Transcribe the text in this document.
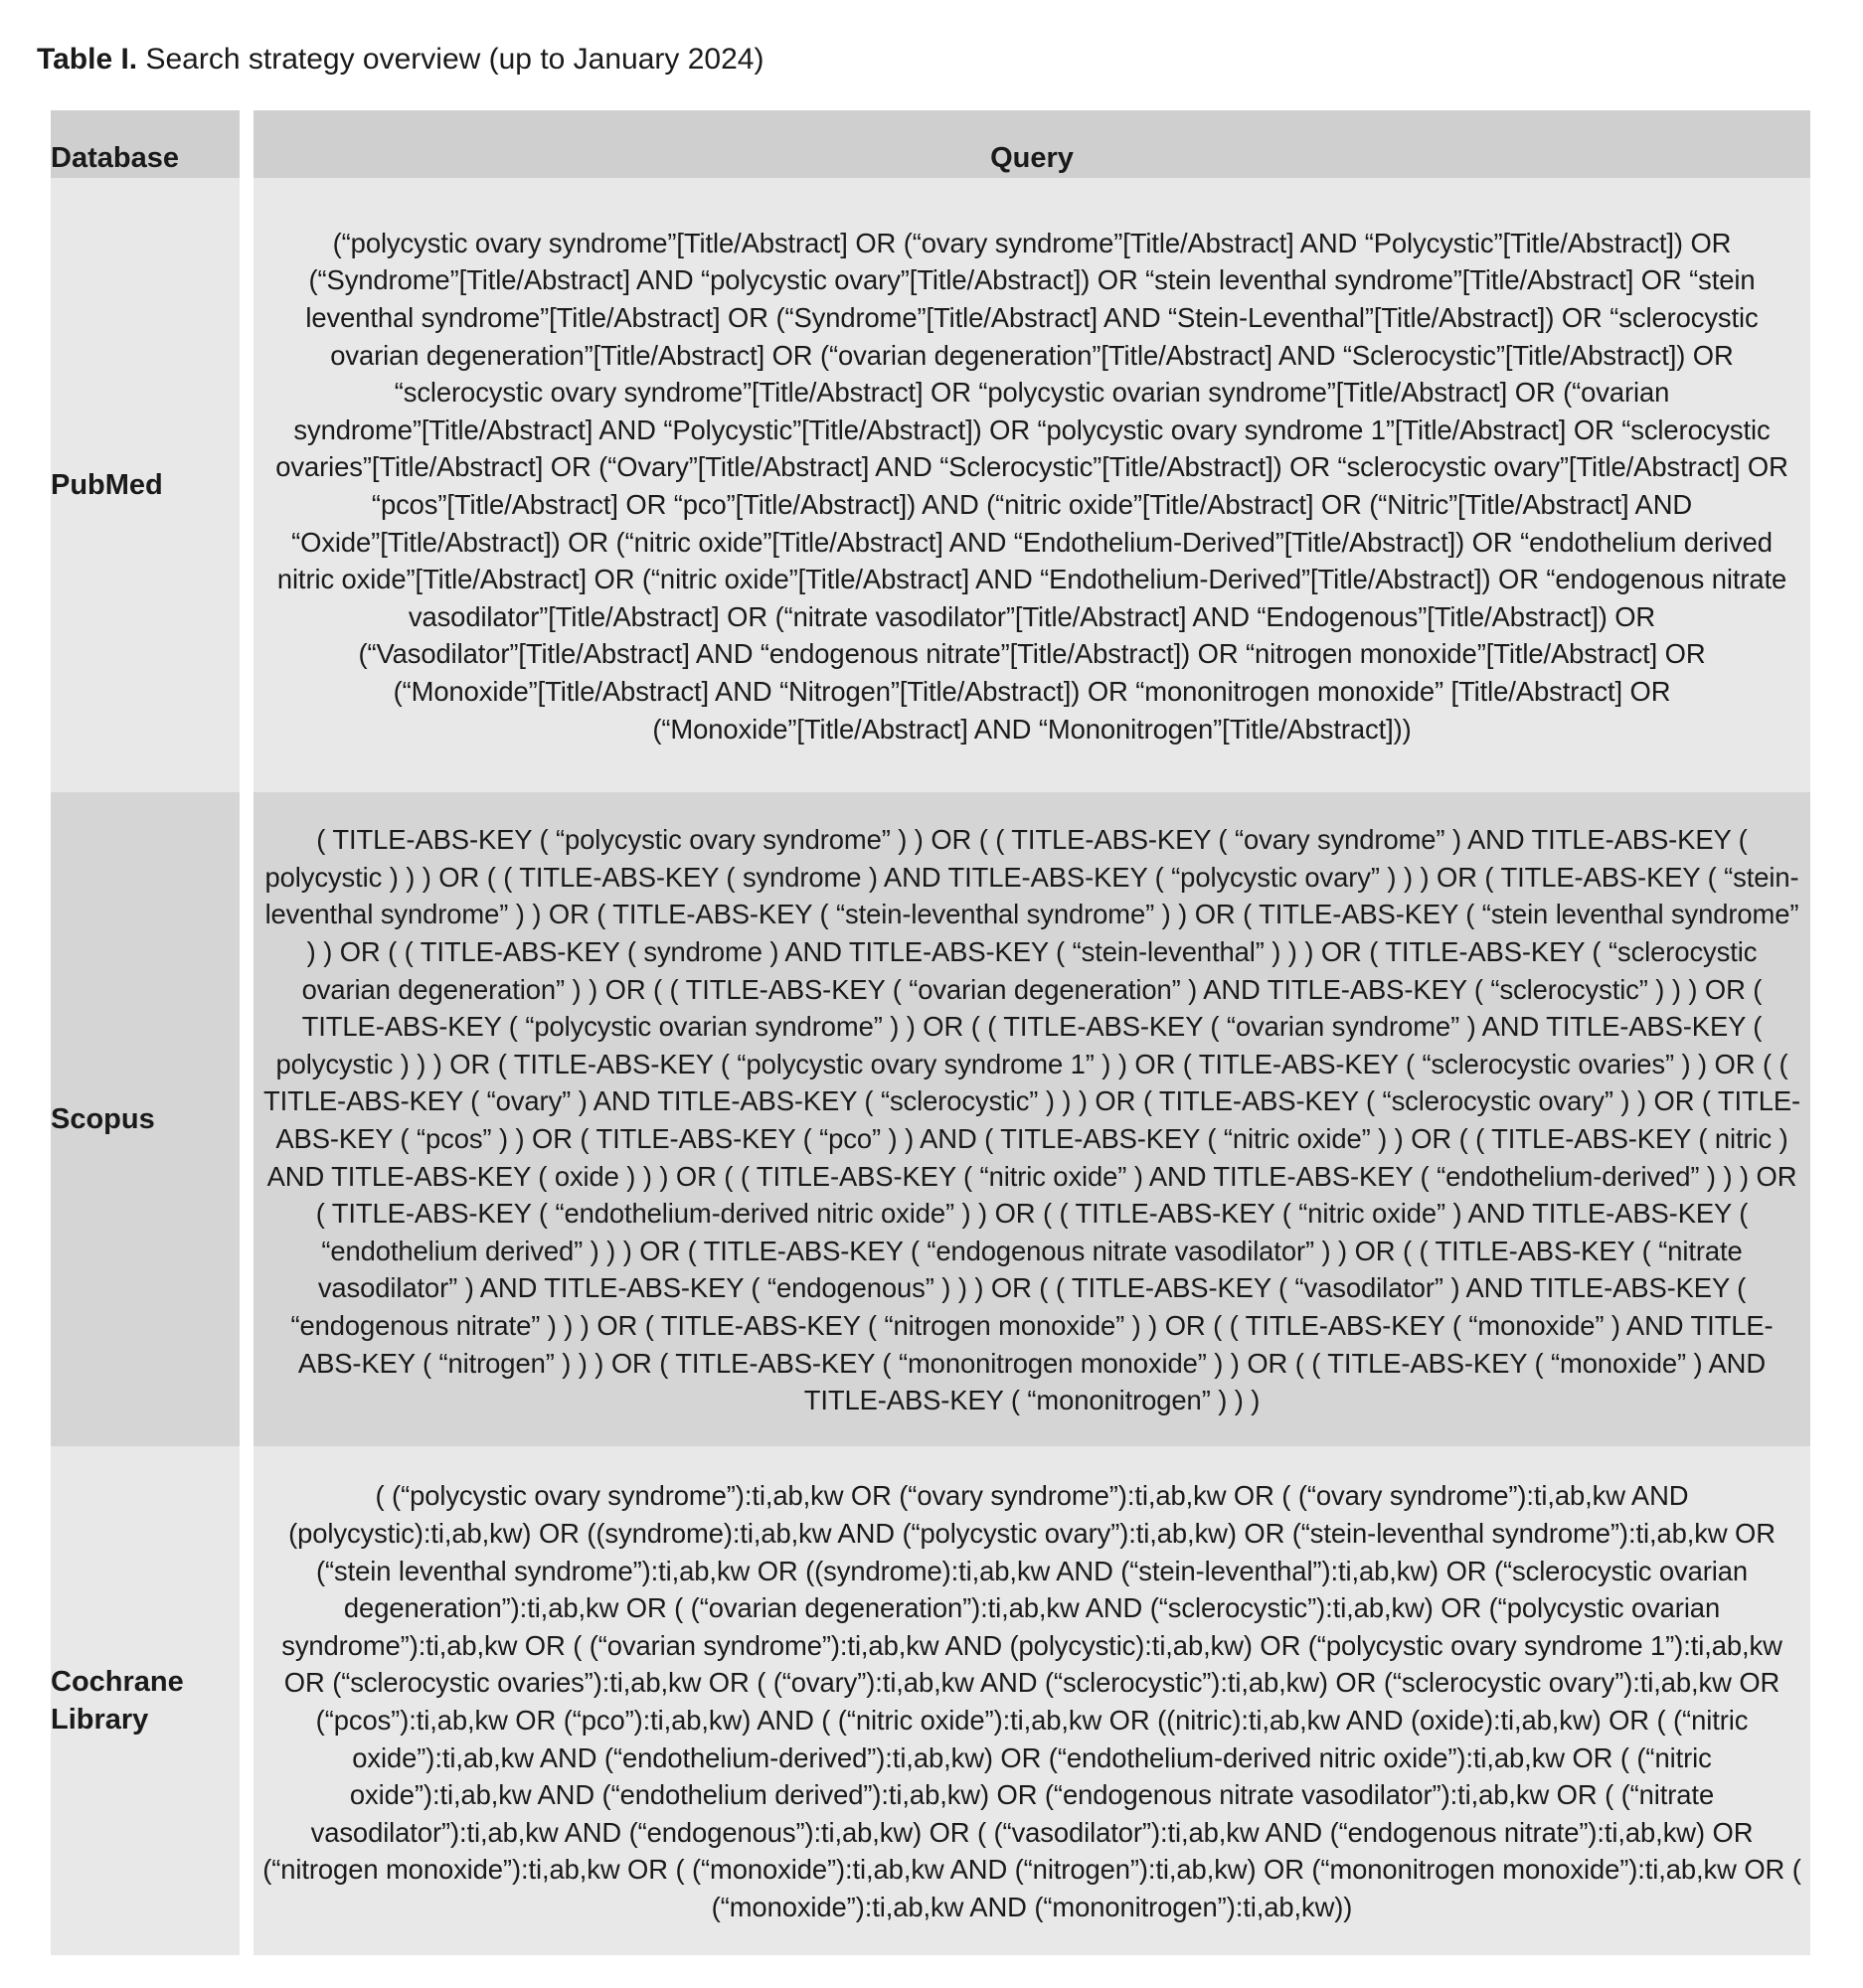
Table I. Search strategy overview (up to January 2024)
Database	Query
PubMed	(“polycystic ovary syndrome”[Title/Abstract] OR (“ovary syndrome”[Title/Abstract] AND “Polycystic”[Title/Abstract]) OR (“Syndrome”[Title/Abstract] AND “polycystic ovary”[Title/Abstract]) OR “stein leventhal syndrome”[Title/Abstract] OR “stein leventhal syndrome”[Title/Abstract] OR (“Syndrome”[Title/Abstract] AND “Stein-Leventhal”[Title/Abstract]) OR “sclerocystic ovarian degeneration”[Title/Abstract] OR (“ovarian degeneration”[Title/Abstract] AND “Sclerocystic”[Title/Abstract]) OR “sclerocystic ovary syndrome”[Title/Abstract] OR “polycystic ovarian syndrome”[Title/Abstract] OR (“ovarian syndrome”[Title/Abstract] AND “Polycystic”[Title/Abstract]) OR “polycystic ovary syndrome 1”[Title/Abstract] OR “sclerocystic ovaries”[Title/Abstract] OR (“Ovary”[Title/Abstract] AND “Sclerocystic”[Title/Abstract]) OR “sclerocystic ovary”[Title/Abstract] OR “pcos”[Title/Abstract] OR “pco”[Title/Abstract]) AND (“nitric oxide”[Title/Abstract] OR (“Nitric”[Title/Abstract] AND “Oxide”[Title/Abstract]) OR (“nitric oxide”[Title/Abstract] AND “Endothelium-Derived”[Title/Abstract]) OR “endothelium derived nitric oxide”[Title/Abstract] OR (“nitric oxide”[Title/Abstract] AND “Endothelium-Derived”[Title/Abstract]) OR “endogenous nitrate vasodilator”[Title/Abstract] OR (“nitrate vasodilator”[Title/Abstract] AND “Endogenous”[Title/Abstract]) OR (“Vasodilator”[Title/Abstract] AND “endogenous nitrate”[Title/Abstract]) OR “nitrogen monoxide”[Title/Abstract] OR (“Monoxide”[Title/Abstract] AND “Nitrogen”[Title/Abstract]) OR “mononitrogen monoxide” [Title/Abstract] OR (“Monoxide”[Title/Abstract] AND “Mononitrogen”[Title/Abstract]))
Scopus	( TITLE-ABS-KEY ( “polycystic ovary syndrome” ) ) OR ( ( TITLE-ABS-KEY ( “ovary syndrome” ) AND TITLE-ABS-KEY ( polycystic ) ) ) OR ( ( TITLE-ABS-KEY ( syndrome ) AND TITLE-ABS-KEY ( “polycystic ovary” ) ) ) OR ( TITLE-ABS-KEY ( “stein-leventhal syndrome” ) ) OR ( TITLE-ABS-KEY ( “stein-leventhal syndrome” ) ) OR ( TITLE-ABS-KEY ( “stein leventhal syndrome” ) ) OR ( ( TITLE-ABS-KEY ( syndrome ) AND TITLE-ABS-KEY ( “stein-leventhal” ) ) ) OR ( TITLE-ABS-KEY ( “sclerocystic ovarian degeneration” ) ) OR ( ( TITLE-ABS-KEY ( “ovarian degeneration” ) AND TITLE-ABS-KEY ( “sclerocystic” ) ) ) OR ( TITLE-ABS-KEY ( “polycystic ovarian syndrome” ) ) OR ( ( TITLE-ABS-KEY ( “ovarian syndrome” ) AND TITLE-ABS-KEY ( polycystic ) ) ) OR ( TITLE-ABS-KEY ( “polycystic ovary syndrome 1” ) ) OR ( TITLE-ABS-KEY ( “sclerocystic ovaries” ) ) OR ( ( TITLE-ABS-KEY ( “ovary” ) AND TITLE-ABS-KEY ( “sclerocystic” ) ) ) OR ( TITLE-ABS-KEY ( “sclerocystic ovary” ) ) OR ( TITLE-ABS-KEY ( “pcos” ) ) OR ( TITLE-ABS-KEY ( “pco” ) ) AND ( TITLE-ABS-KEY ( “nitric oxide” ) ) OR ( ( TITLE-ABS-KEY ( nitric ) AND TITLE-ABS-KEY ( oxide ) ) ) OR ( ( TITLE-ABS-KEY ( “nitric oxide” ) AND TITLE-ABS-KEY ( “endothelium-derived” ) ) ) OR ( TITLE-ABS-KEY ( “endothelium-derived nitric oxide” ) ) OR ( ( TITLE-ABS-KEY ( “nitric oxide” ) AND TITLE-ABS-KEY ( “endothelium derived” ) ) ) OR ( TITLE-ABS-KEY ( “endogenous nitrate vasodilator” ) ) OR ( ( TITLE-ABS-KEY ( “nitrate vasodilator” ) AND TITLE-ABS-KEY ( “endogenous” ) ) ) OR ( ( TITLE-ABS-KEY ( “vasodilator” ) AND TITLE-ABS-KEY ( “endogenous nitrate” ) ) ) OR ( TITLE-ABS-KEY ( “nitrogen monoxide” ) ) OR ( ( TITLE-ABS-KEY ( “monoxide” ) AND TITLE-ABS-KEY ( “nitrogen” ) ) ) OR ( TITLE-ABS-KEY ( “mononitrogen monoxide” ) ) OR ( ( TITLE-ABS-KEY ( “monoxide” ) AND TITLE-ABS-KEY ( “mononitrogen” ) ) )
Cochrane Library	( (“polycystic ovary syndrome”):ti,ab,kw OR (“ovary syndrome”):ti,ab,kw OR ( (“ovary syndrome”):ti,ab,kw AND (polycystic):ti,ab,kw) OR ((syndrome):ti,ab,kw AND (“polycystic ovary”):ti,ab,kw) OR (“stein-leventhal syndrome”):ti,ab,kw OR (“stein leventhal syndrome”):ti,ab,kw OR ((syndrome):ti,ab,kw AND (“stein-leventhal”):ti,ab,kw) OR (“sclerocystic ovarian degeneration”):ti,ab,kw OR ( (“ovarian degeneration”):ti,ab,kw AND (“sclerocystic”):ti,ab,kw) OR (“polycystic ovarian syndrome”):ti,ab,kw OR ( (“ovarian syndrome”):ti,ab,kw AND (polycystic):ti,ab,kw) OR (“polycystic ovary syndrome 1”):ti,ab,kw OR (“sclerocystic ovaries”):ti,ab,kw OR ( (“ovary”):ti,ab,kw AND (“sclerocystic”):ti,ab,kw) OR (“sclerocystic ovary”):ti,ab,kw OR (“pcos”):ti,ab,kw OR (“pco”):ti,ab,kw) AND ( (“nitric oxide”):ti,ab,kw OR ((nitric):ti,ab,kw AND (oxide):ti,ab,kw) OR ( (“nitric oxide”):ti,ab,kw AND (“endothelium-derived”):ti,ab,kw) OR (“endothelium-derived nitric oxide”):ti,ab,kw OR ( (“nitric oxide”):ti,ab,kw AND (“endothelium derived”):ti,ab,kw) OR (“endogenous nitrate vasodilator”):ti,ab,kw OR ( (“nitrate vasodilator”):ti,ab,kw AND (“endogenous”):ti,ab,kw) OR ( (“vasodilator”):ti,ab,kw AND (“endogenous nitrate”):ti,ab,kw) OR (“nitrogen monoxide”):ti,ab,kw OR ( (“monoxide”):ti,ab,kw AND (“nitrogen”):ti,ab,kw) OR (“mononitrogen monoxide”):ti,ab,kw OR ( (“monoxide”):ti,ab,kw AND (“mononitrogen”):ti,ab,kw))
